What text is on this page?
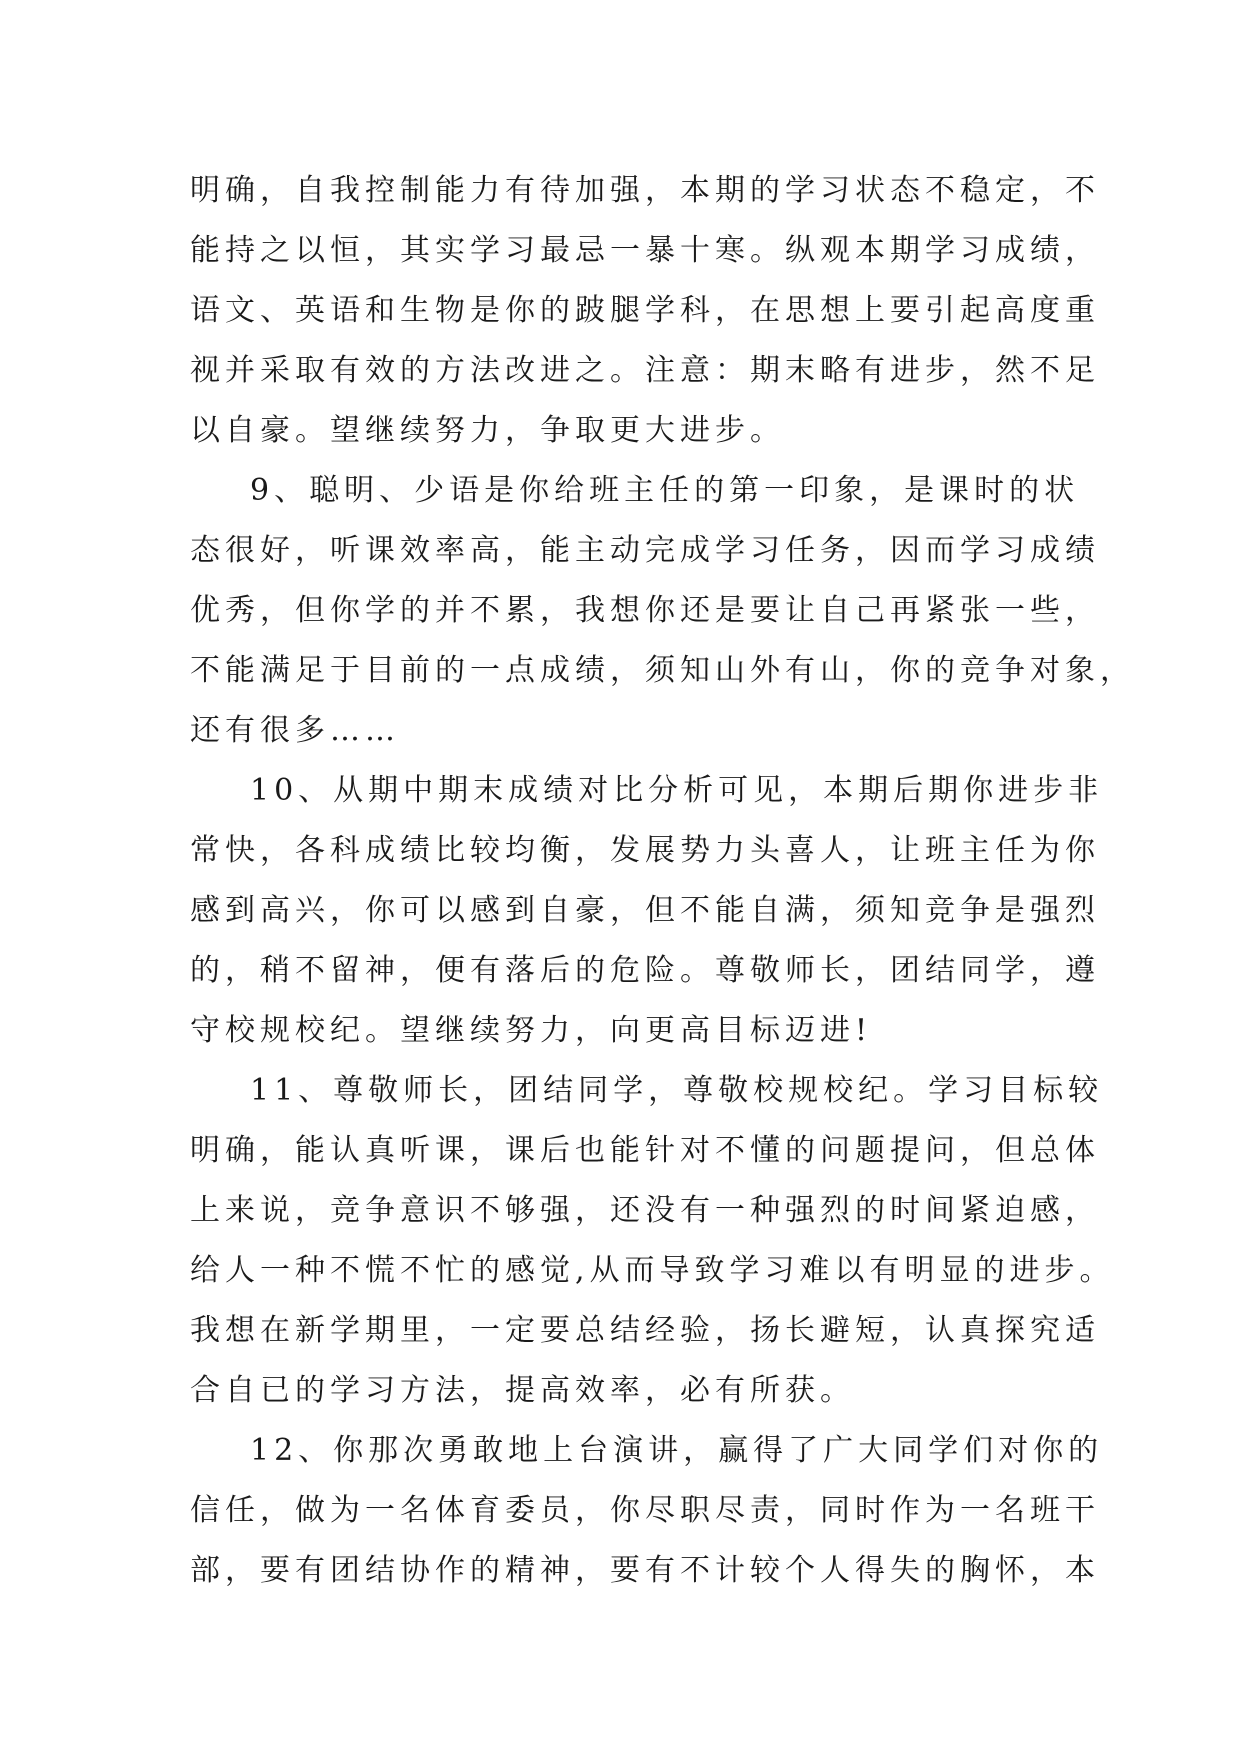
明确，自我控制能力有待加强，本期的学习状态不稳定，不
能持之以恒，其实学习最忌一暴十寒。纵观本期学习成绩，
语文、英语和生物是你的跛腿学科，在思想上要引起高度重
视并采取有效的方法改进之。注意：期末略有进步，然不足
以自豪。望继续努力，争取更大进步。
9、聪明、少语是你给班主任的第一印象，是课时的状
态很好，听课效率高，能主动完成学习任务，因而学习成绩
优秀，但你学的并不累，我想你还是要让自己再紧张一些，
不能满足于目前的一点成绩，须知山外有山，你的竞争对象，
还有很多……
10、从期中期末成绩对比分析可见，本期后期你进步非
常快，各科成绩比较均衡，发展势力头喜人，让班主任为你
感到高兴，你可以感到自豪，但不能自满，须知竞争是强烈
的，稍不留神，便有落后的危险。尊敬师长，团结同学，遵
守校规校纪。望继续努力，向更高目标迈进!
11、尊敬师长，团结同学，尊敬校规校纪。学习目标较
明确，能认真听课，课后也能针对不懂的问题提问，但总体
上来说，竞争意识不够强，还没有一种强烈的时间紧迫感，
给人一种不慌不忙的感觉,从而导致学习难以有明显的进步。
我想在新学期里，一定要总结经验，扬长避短，认真探究适
合自已的学习方法，提高效率，必有所获。
12、你那次勇敢地上台演讲，赢得了广大同学们对你的
信任，做为一名体育委员，你尽职尽责，同时作为一名班干
部，要有团结协作的精神，要有不计较个人得失的胸怀，本
